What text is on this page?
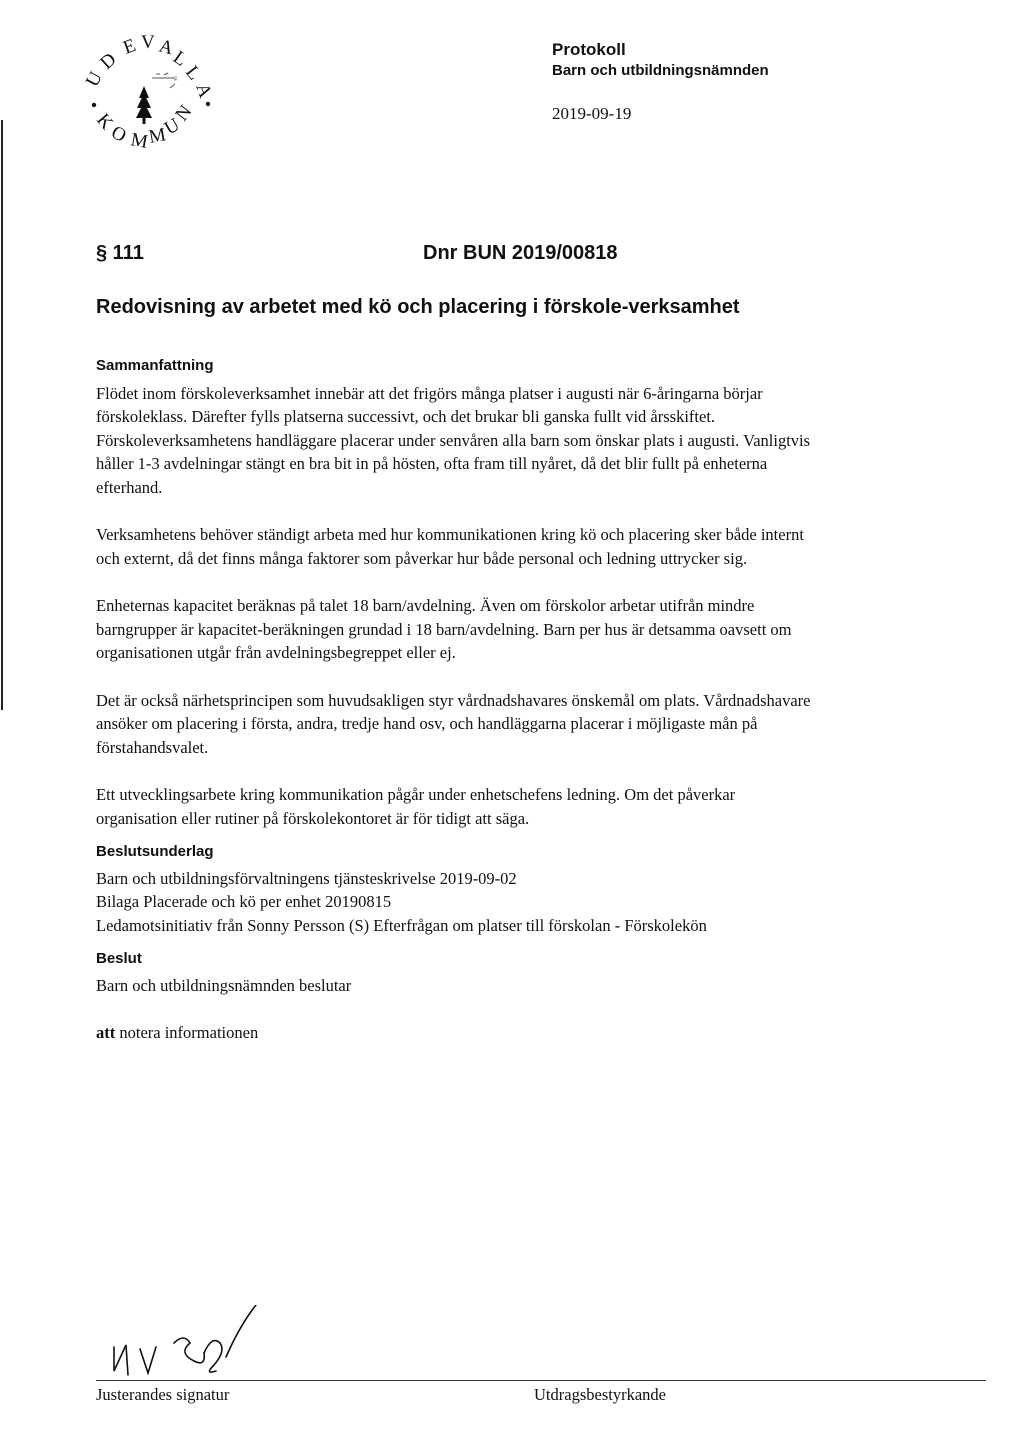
U
D
E V A
L
L
A
K
O M
M
U
N
ᵍ
Protokoll
Barn och utbildningsnämnden
2019-09-19
§ 111	Dnr BUN 2019/00818
Redovisning av arbetet med kö och placering i förskole-verksamhet
Sammanfattning

Flödet inom förskoleverksamhet innebär att det frigörs många platser i augusti när 6-åringarna börjar förskoleklass. Därefter fylls platserna successivt, och det brukar bli ganska fullt vid årsskiftet. Förskoleverksamhetens handläggare placerar under senvåren alla barn som önskar plats i augusti. Vanligtvis håller 1-3 avdelningar stängt en bra bit in på hösten, ofta fram till nyåret, då det blir fullt på enheterna efterhand.

Verksamhetens behöver ständigt arbeta med hur kommunikationen kring kö och placering sker både internt och externt, då det finns många faktorer som påverkar hur både personal och ledning uttrycker sig.

Enheternas kapacitet beräknas på talet 18 barn/avdelning. Även om förskolor arbetar utifrån mindre barngrupper är kapacitet-beräkningen grundad i 18 barn/avdelning. Barn per hus är detsamma oavsett om organisationen utgår från avdelningsbegreppet eller ej.

Det är också närhetsprincipen som huvudsakligen styr vårdnadshavares önskemål om plats. Vårdnadshavare ansöker om placering i första, andra, tredje hand osv, och handläggarna placerar i möjligaste mån på förstahandsvalet.

Ett utvecklingsarbete kring kommunikation pågår under enhetschefens ledning. Om det påverkar organisation eller rutiner på förskolekontoret är för tidigt att säga.

Beslutsunderlag

Barn och utbildningsförvaltningens tjänsteskrivelse 2019-09-02

Bilaga Placerade och kö per enhet 20190815

Ledamotsinitiativ från Sonny Persson (S) Efterfrågan om platser till förskolan - Förskolekön

Beslut

Barn och utbildningsnämnden beslutar

att notera informationen

Justerandes signatur	Utdragsbestyrkande
